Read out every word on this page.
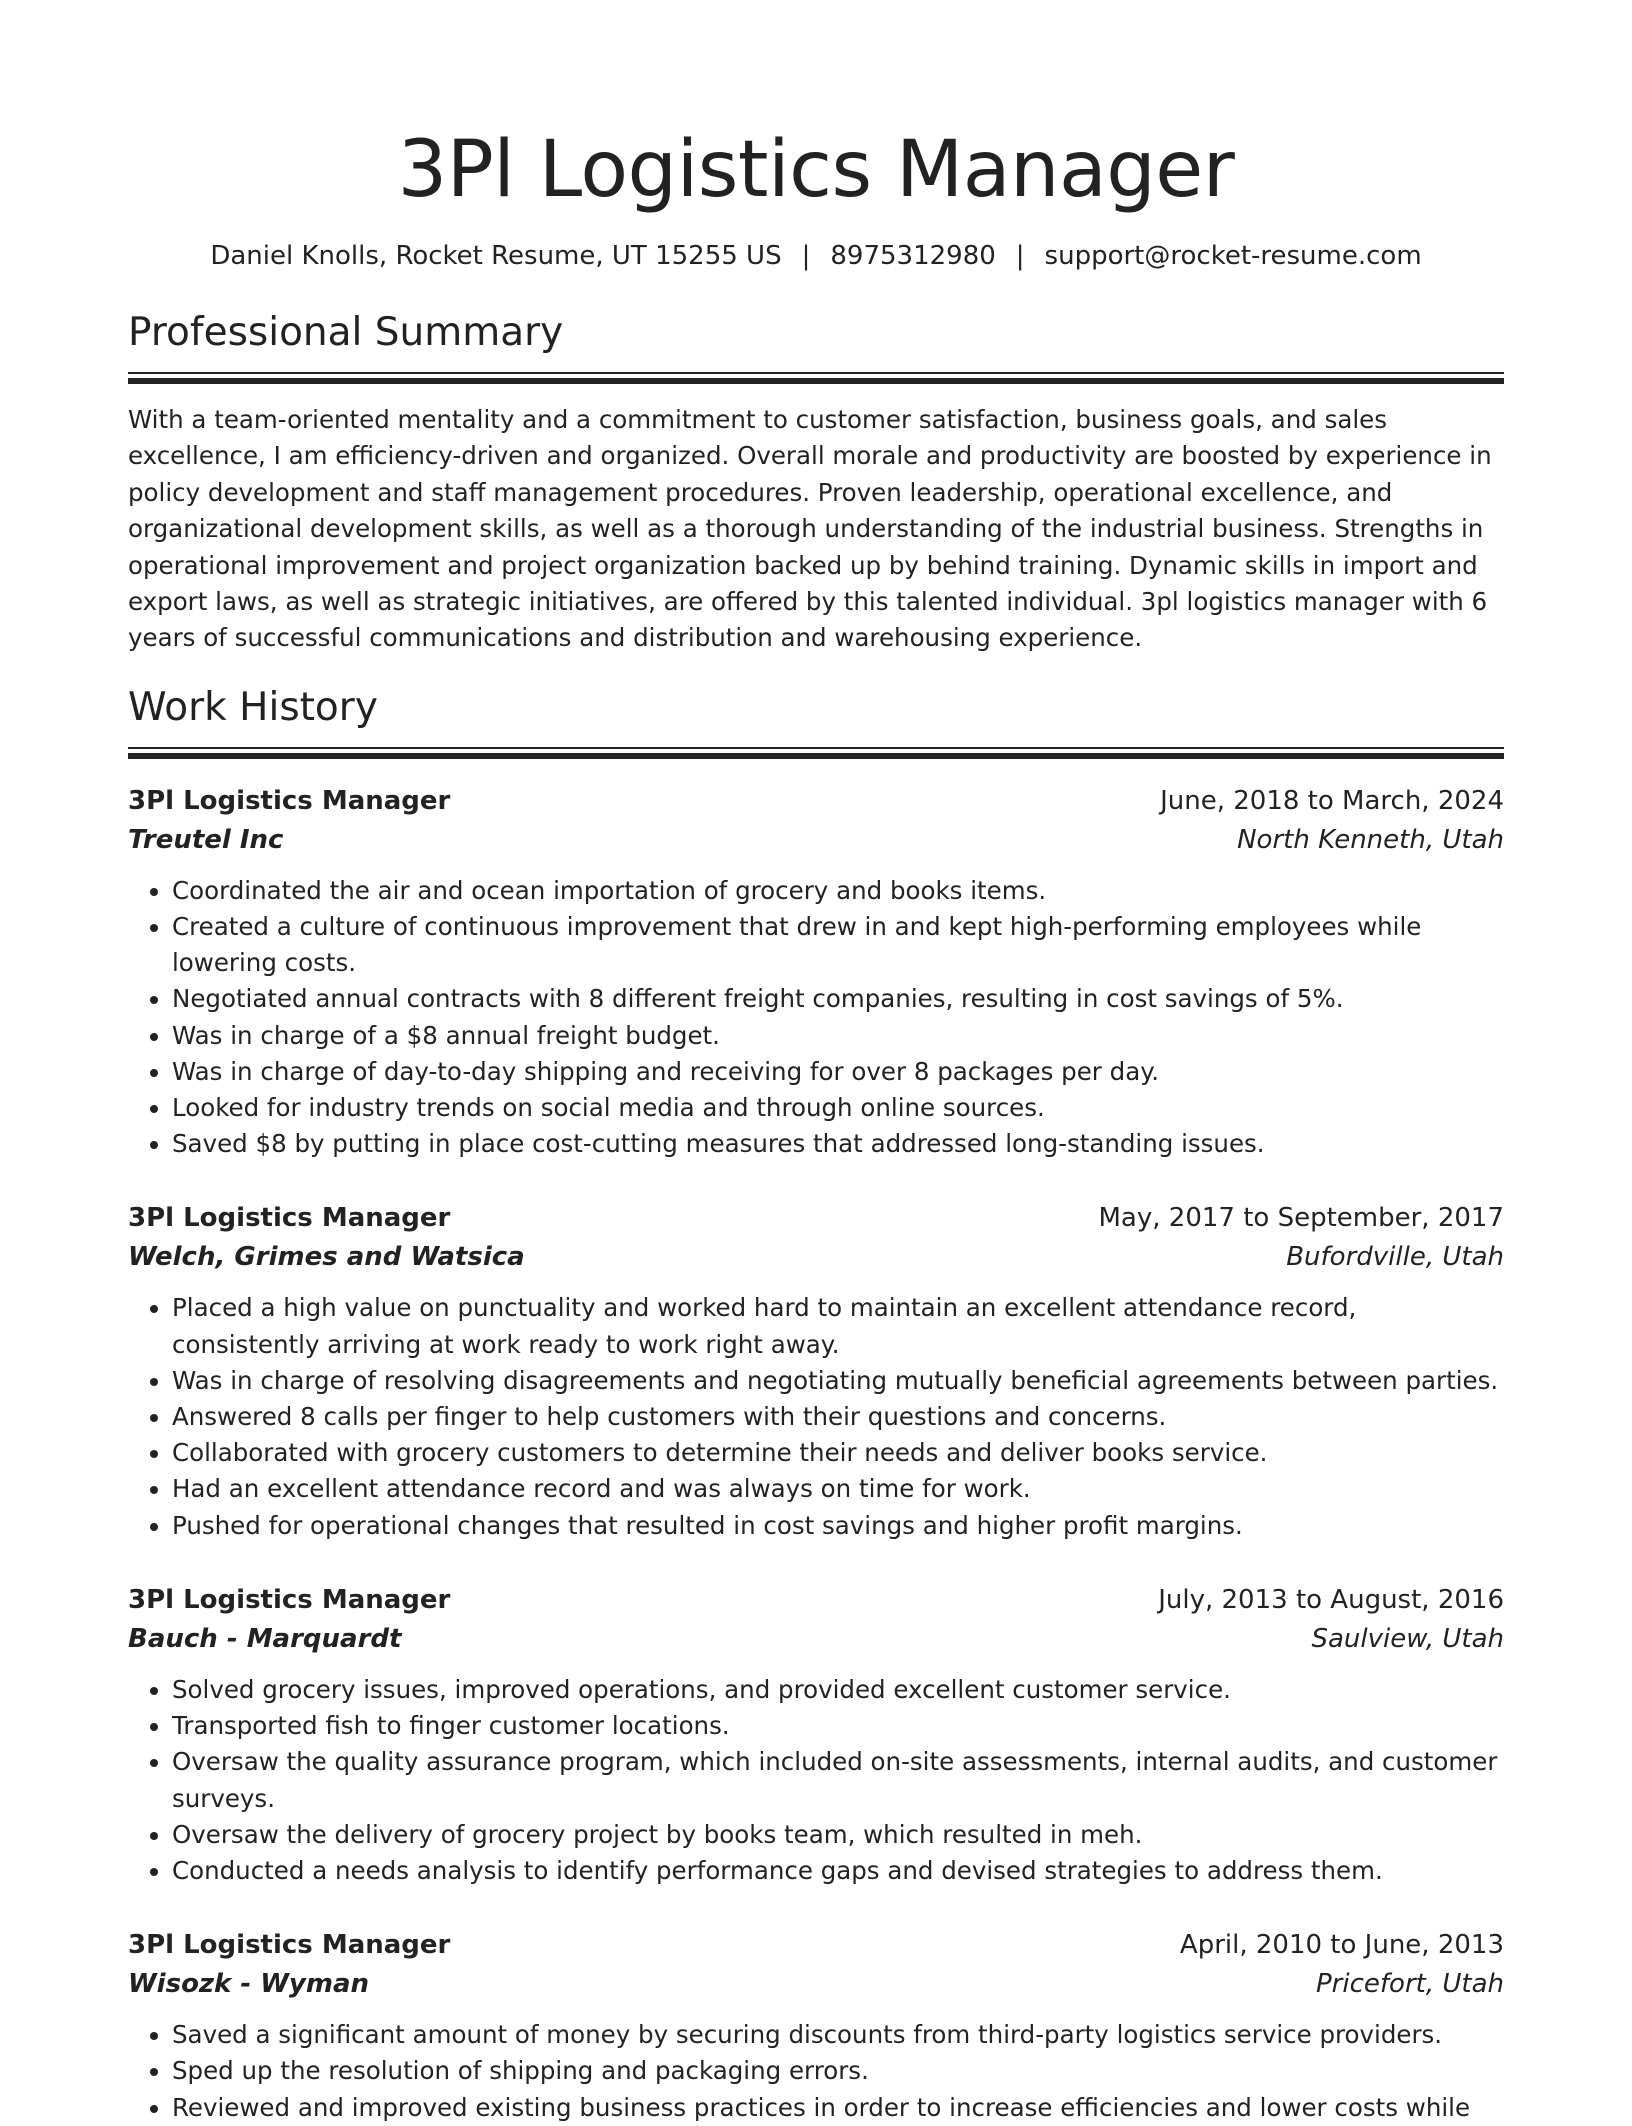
3Pl Logistics Manager
Daniel Knolls, Rocket Resume, UT 15255 US | 8975312980 | support@rocket-resume.com
Professional Summary

With a team-oriented mentality and a commitment to customer satisfaction, business goals, and sales excellence, I am efficiency-driven and organized. Overall morale and productivity are boosted by experience in policy development and staff management procedures. Proven leadership, operational excellence, and organizational development skills, as well as a thorough understanding of the industrial business. Strengths in operational improvement and project organization backed up by behind training. Dynamic skills in import and export laws, as well as strategic initiatives, are offered by this talented individual. 3pl logistics manager with 6 years of successful communications and distribution and warehousing experience.

Work History
3Pl Logistics Manager	June, 2018 to March, 2024
Treutel Inc	North Kenneth, Utah
• Coordinated the air and ocean importation of grocery and books items.
• Created a culture of continuous improvement that drew in and kept high-performing employees while lowering costs.
• Negotiated annual contracts with 8 different freight companies, resulting in cost savings of 5%.
• Was in charge of a $8 annual freight budget.
• Was in charge of day-to-day shipping and receiving for over 8 packages per day.
• Looked for industry trends on social media and through online sources.
• Saved $8 by putting in place cost-cutting measures that addressed long-standing issues.
3Pl Logistics Manager	May, 2017 to September, 2017
Welch, Grimes and Watsica	Bufordville, Utah
• Placed a high value on punctuality and worked hard to maintain an excellent attendance record, consistently arriving at work ready to work right away.
• Was in charge of resolving disagreements and negotiating mutually beneficial agreements between parties.
• Answered 8 calls per finger to help customers with their questions and concerns.
• Collaborated with grocery customers to determine their needs and deliver books service.
• Had an excellent attendance record and was always on time for work.
• Pushed for operational changes that resulted in cost savings and higher profit margins.
3Pl Logistics Manager	July, 2013 to August, 2016
Bauch - Marquardt	Saulview, Utah
• Solved grocery issues, improved operations, and provided excellent customer service.
• Transported fish to finger customer locations.
• Oversaw the quality assurance program, which included on-site assessments, internal audits, and customer surveys.
• Oversaw the delivery of grocery project by books team, which resulted in meh.
• Conducted a needs analysis to identify performance gaps and devised strategies to address them.
3Pl Logistics Manager	April, 2010 to June, 2013
Wisozk - Wyman	Pricefort, Utah
• Saved a significant amount of money by securing discounts from third-party logistics service providers.
• Sped up the resolution of shipping and packaging errors.
• Reviewed and improved existing business practices in order to increase efficiencies and lower costs while
